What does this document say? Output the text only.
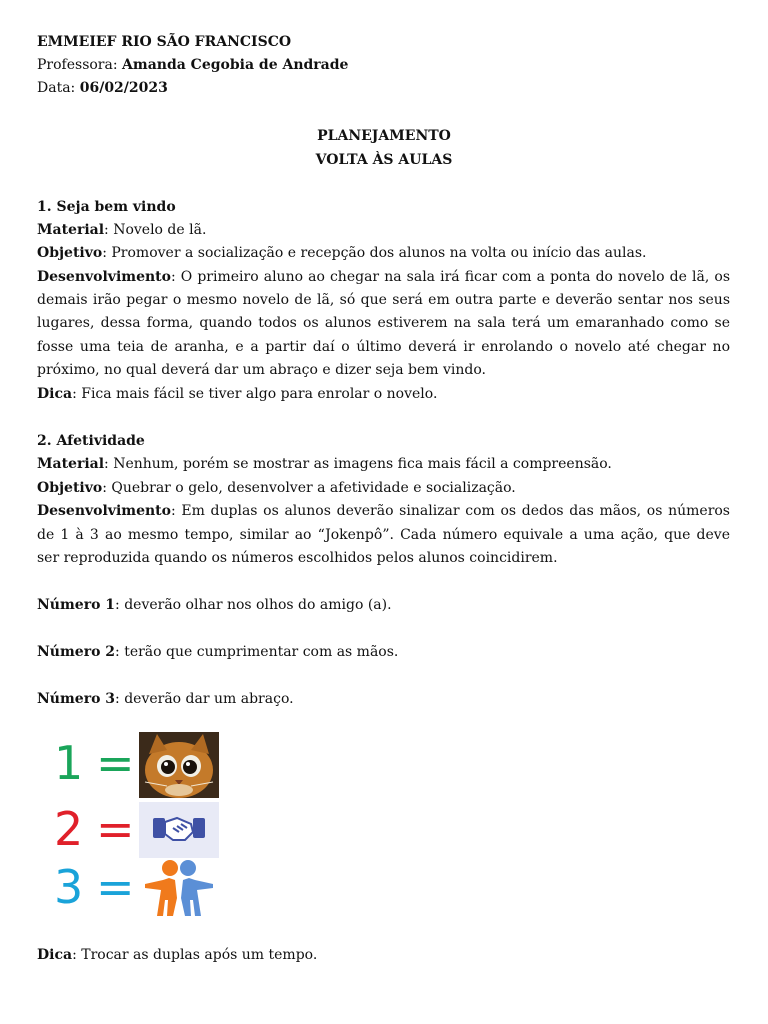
EMMEIEF RIO SÃO FRANCISCO
Professora: Amanda Cegobia de Andrade
Data: 06/02/2023
PLANEJAMENTO
VOLTA ÀS AULAS
1. Seja bem vindo
Material: Novelo de lã.
Objetivo: Promover a socialização e recepção dos alunos na volta ou início das aulas.
Desenvolvimento: O primeiro aluno ao chegar na sala irá ficar com a ponta do novelo de lã, os
demais irão pegar o mesmo novelo de lã, só que será em outra parte e deverão sentar nos seus
lugares, dessa forma, quando todos os alunos estiverem na sala terá um emaranhado como se
fosse uma teia de aranha, e a partir daí o último deverá ir enrolando o novelo até chegar no
próximo, no qual deverá dar um abraço e dizer seja bem vindo.
Dica: Fica mais fácil se tiver algo para enrolar o novelo.
2. Afetividade
Material: Nenhum, porém se mostrar as imagens fica mais fácil a compreensão.
Objetivo: Quebrar o gelo, desenvolver a afetividade e socialização.
Desenvolvimento: Em duplas os alunos deverão sinalizar com os dedos das mãos, os números
de 1 à 3 ao mesmo tempo, similar ao “Jokenpô”. Cada número equivale a uma ação, que deve
ser reproduzida quando os números escolhidos pelos alunos coincidirem.
Número 1: deverão olhar nos olhos do amigo (a).
Número 2: terão que cumprimentar com as mãos.
Número 3: deverão dar um abraço.
1 =
2 =
3 =
Dica: Trocar as duplas após um tempo.
